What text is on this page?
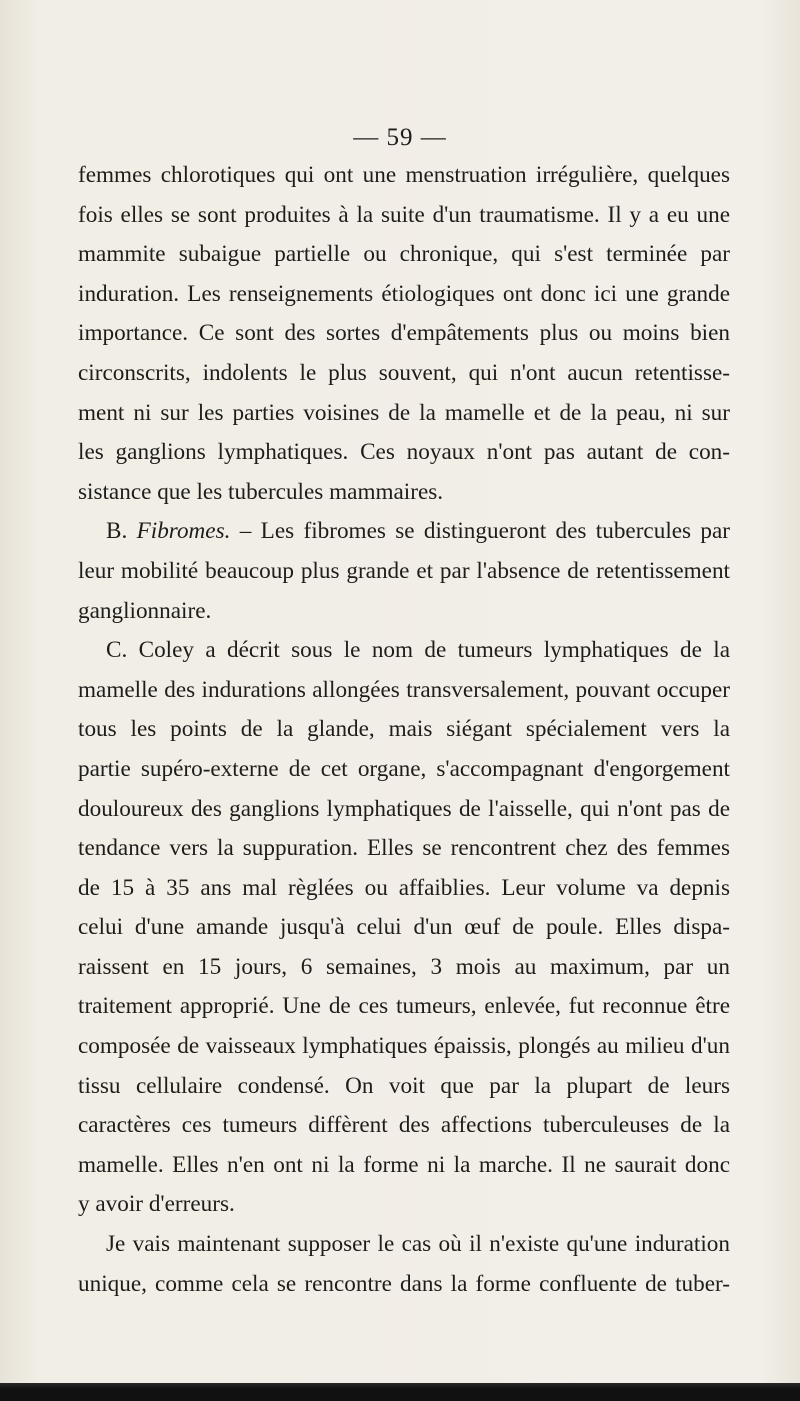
— 59 —

femmes chlorotiques qui ont une menstruation irrégulière, quelques
fois elles se sont produites à la suite d'un traumatisme. Il y a eu une
mammite subaigue partielle ou chronique, qui s'est terminée par
induration. Les renseignements étiologiques ont donc ici une grande
importance. Ce sont des sortes d'empâtements plus ou moins bien
circonscrits, indolents le plus souvent, qui n'ont aucun retentisse-
ment ni sur les parties voisines de la mamelle et de la peau, ni sur
les ganglions lymphatiques. Ces noyaux n'ont pas autant de con-
sistance que les tubercules mammaires.

B. Fibromes. – Les fibromes se distingueront des tubercules par

leur mobilité beaucoup plus grande et par l'absence de retentissement
ganglionnaire.

C. Coley a décrit sous le nom de tumeurs lymphatiques de la

mamelle des indurations allongées transversalement, pouvant occuper
tous les points de la glande, mais siégant spécialement vers la
partie supéro-externe de cet organe, s'accompagnant d'engorgement
douloureux des ganglions lymphatiques de l'aisselle, qui n'ont pas de
tendance vers la suppuration. Elles se rencontrent chez des femmes
de 15 à 35 ans mal règlées ou affaiblies. Leur volume va depnis
celui d'une amande jusqu'à celui d'un œuf de poule. Elles dispa-
raissent en 15 jours, 6 semaines, 3 mois au maximum, par un
traitement approprié. Une de ces tumeurs, enlevée, fut reconnue être
composée de vaisseaux lymphatiques épaissis, plongés au milieu d'un
tissu cellulaire condensé. On voit que par la plupart de leurs
caractères ces tumeurs diffèrent des affections tuberculeuses de la
mamelle. Elles n'en ont ni la forme ni la marche. Il ne saurait donc
y avoir d'erreurs.

Je vais maintenant supposer le cas où il n'existe qu'une induration

unique, comme cela se rencontre dans la forme confluente de tuber-
